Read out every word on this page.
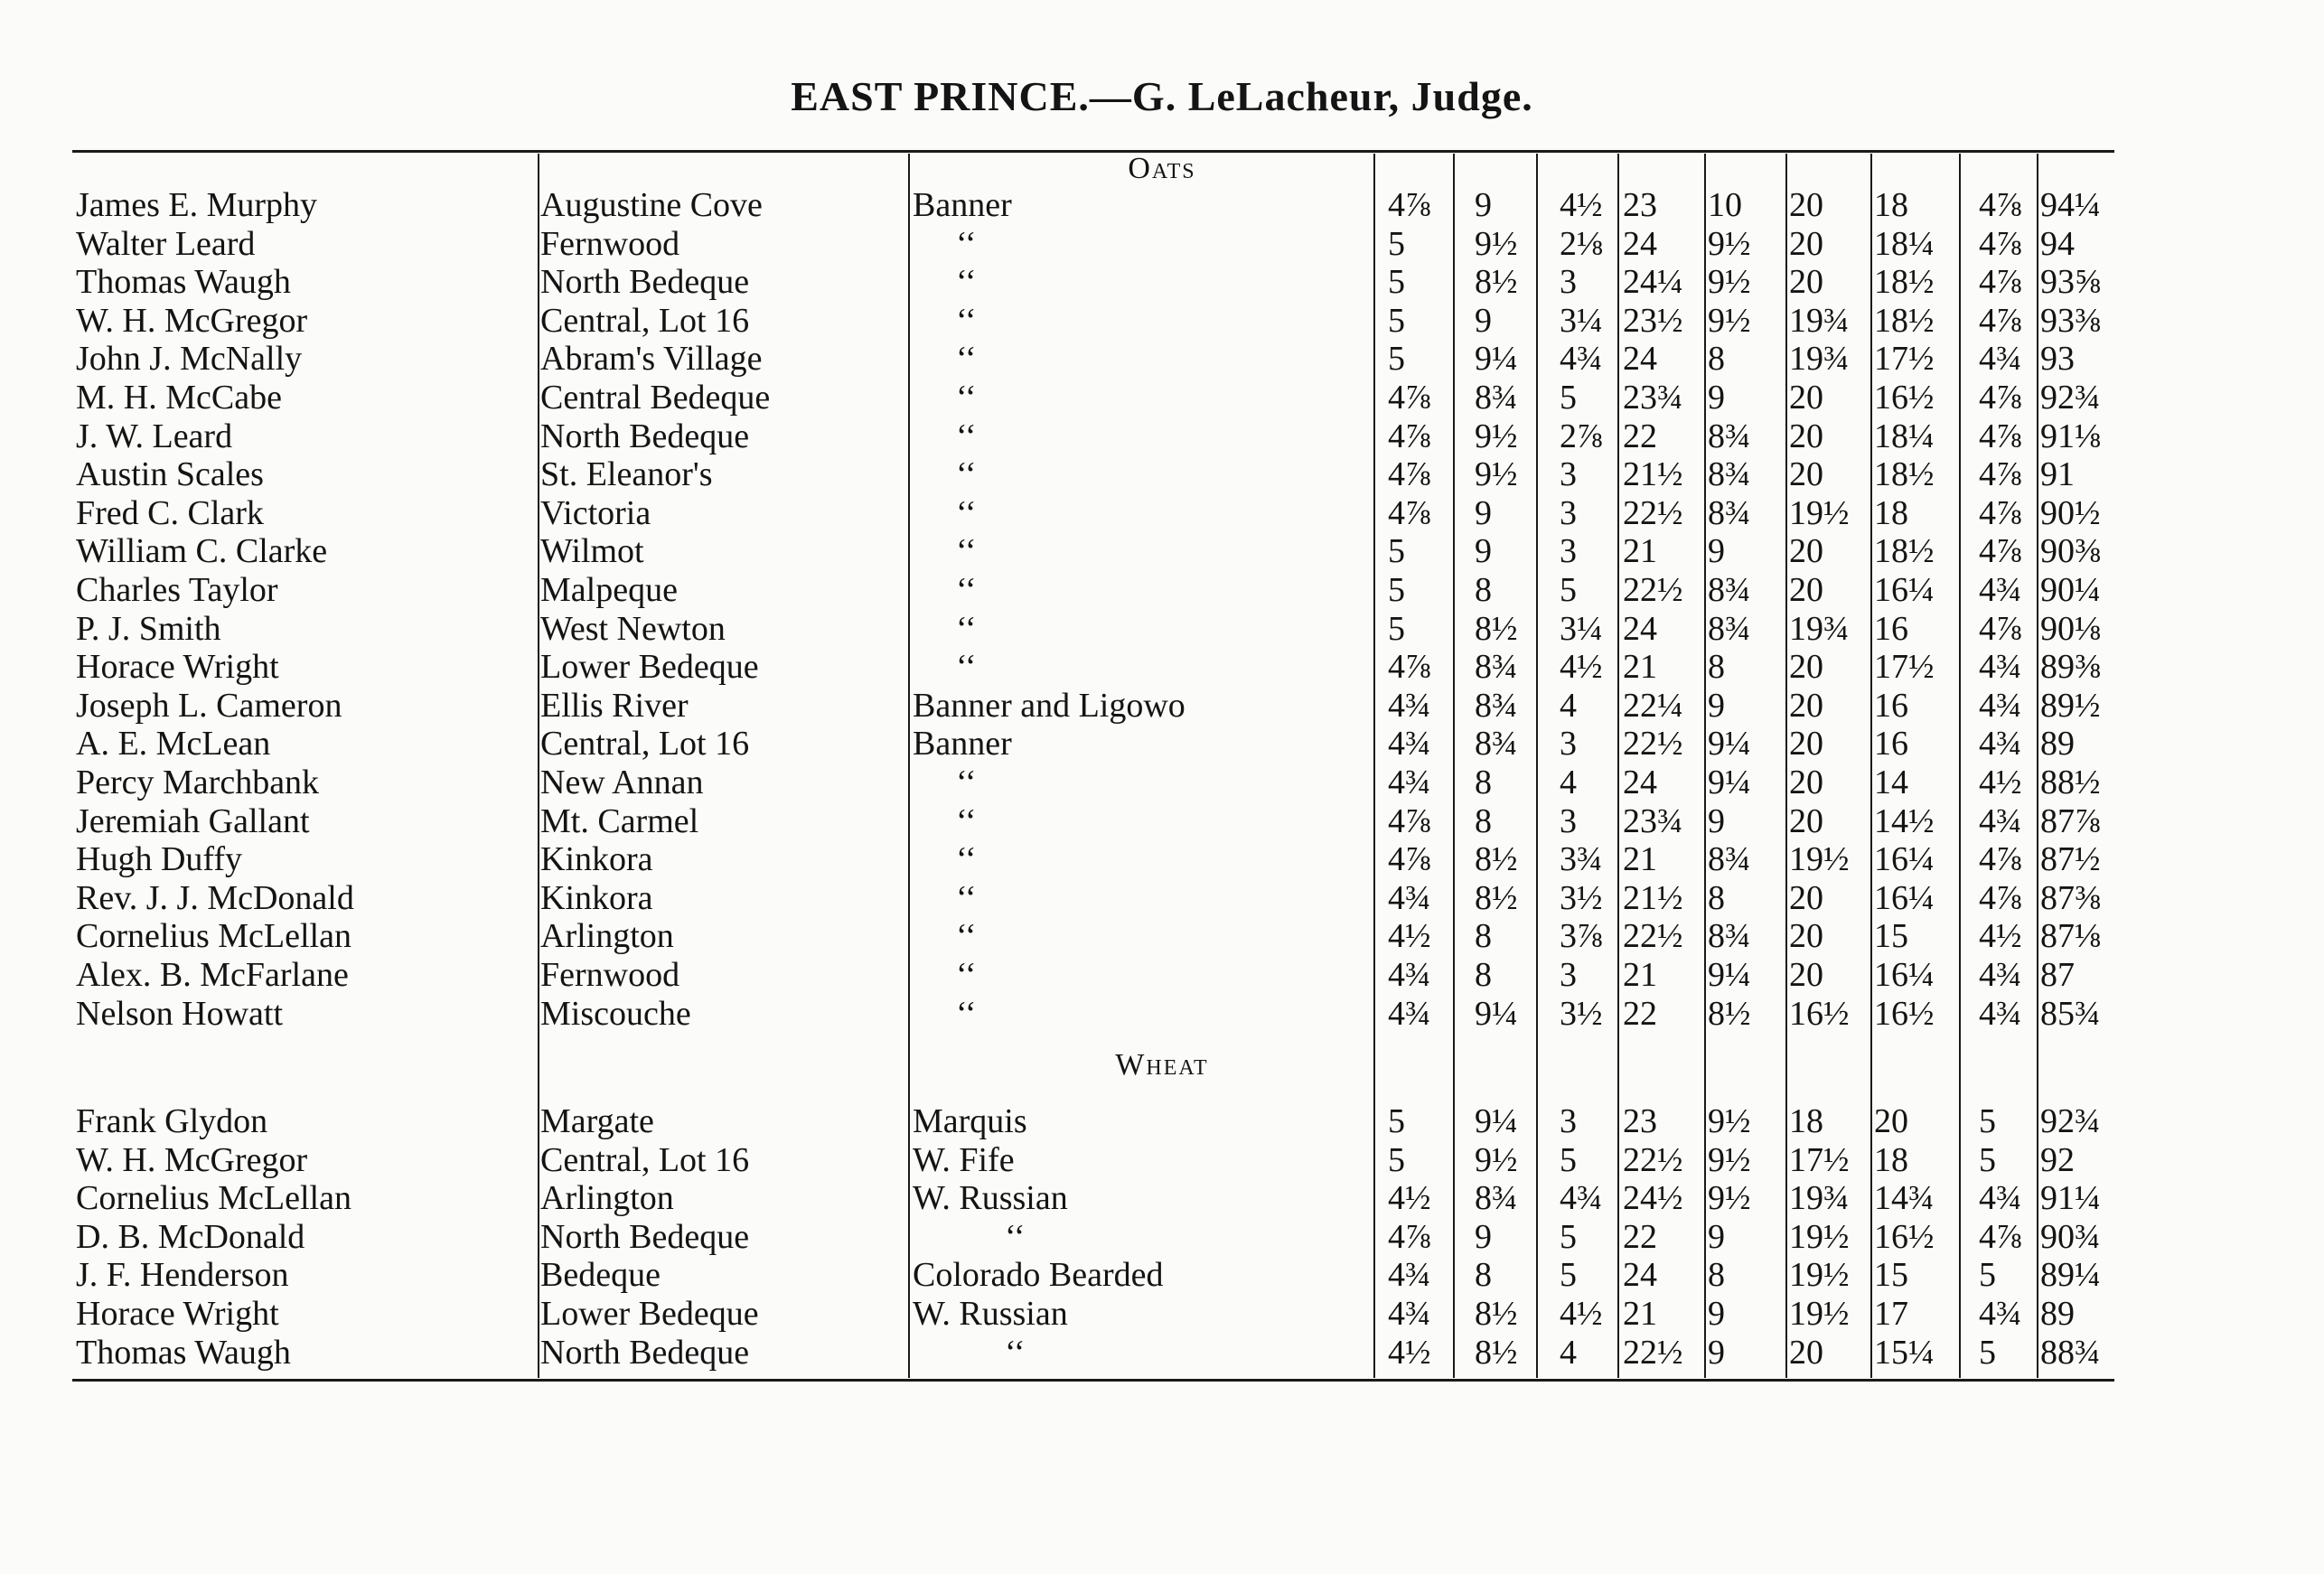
EAST PRINCE.—G. LeLacheur, Judge.
Oats
James E. Murphy	Augustine Cove	Banner	4⅞ 9 4½ 23 10 20 18 4⅞ 94¼
Walter Leard	Fernwood	‘‘	5 9½ 2⅛ 24 9½ 20 18¼ 4⅞ 94
Thomas Waugh	North Bedeque	‘‘	5 8½ 3 24¼ 9½ 20 18½ 4⅞ 93⅝
W. H. McGregor	Central, Lot 16	‘‘	5 9 3¼ 23½ 9½ 19¾ 18½ 4⅞ 93⅜
John J. McNally	Abram's Village	‘‘	5 9¼ 4¾ 24 8 19¾ 17½ 4¾ 93
M. H. McCabe	Central Bedeque	‘‘	4⅞ 8¾ 5 23¾ 9 20 16½ 4⅞ 92¾
J. W. Leard	North Bedeque	‘‘	4⅞ 9½ 2⅞ 22 8¾ 20 18¼ 4⅞ 91⅛
Austin Scales	St. Eleanor's	‘‘	4⅞ 9½ 3 21½ 8¾ 20 18½ 4⅞ 91
Fred C. Clark	Victoria	‘‘	4⅞ 9 3 22½ 8¾ 19½ 18 4⅞ 90½
William C. Clarke	Wilmot	‘‘	5 9 3 21 9 20 18½ 4⅞ 90⅜
Charles Taylor	Malpeque	‘‘	5 8 5 22½ 8¾ 20 16¼ 4¾ 90¼
P. J. Smith	West Newton	‘‘	5 8½ 3¼ 24 8¾ 19¾ 16 4⅞ 90⅛
Horace Wright	Lower Bedeque	‘‘	4⅞ 8¾ 4½ 21 8 20 17½ 4¾ 89⅜
Joseph L. Cameron	Ellis River	Banner and Ligowo	4¾ 8¾ 4 22¼ 9 20 16 4¾ 89½
A. E. McLean	Central, Lot 16	Banner	4¾ 8¾ 3 22½ 9¼ 20 16 4¾ 89
Percy Marchbank	New Annan	‘‘	4¾ 8 4 24 9¼ 20 14 4½ 88½
Jeremiah Gallant	Mt. Carmel	‘‘	4⅞ 8 3 23¾ 9 20 14½ 4¾ 87⅞
Hugh Duffy	Kinkora	‘‘	4⅞ 8½ 3¾ 21 8¾ 19½ 16¼ 4⅞ 87½
Rev. J. J. McDonald	Kinkora	‘‘	4¾ 8½ 3½ 21½ 8 20 16¼ 4⅞ 87⅜
Cornelius McLellan	Arlington	‘‘	4½ 8 3⅞ 22½ 8¾ 20 15 4½ 87⅛
Alex. B. McFarlane	Fernwood	‘‘	4¾ 8 3 21 9¼ 20 16¼ 4¾ 87
Nelson Howatt	Miscouche	‘‘	4¾ 9¼ 3½ 22 8½ 16½ 16½ 4¾ 85¾
Wheat
Frank Glydon	Margate	Marquis	5 9¼ 3 23 9½ 18 20 5 92¾
W. H. McGregor	Central, Lot 16	W. Fife	5 9½ 5 22½ 9½ 17½ 18 5 92
Cornelius McLellan	Arlington	W. Russian	4½ 8¾ 4¾ 24½ 9½ 19¾ 14¾ 4¾ 91¼
D. B. McDonald	North Bedeque	‘‘	4⅞ 9 5 22 9 19½ 16½ 4⅞ 90¾
J. F. Henderson	Bedeque	Colorado Bearded	4¾ 8 5 24 8 19½ 15 5 89¼
Horace Wright	Lower Bedeque	W. Russian	4¾ 8½ 4½ 21 9 19½ 17 4¾ 89
Thomas Waugh	North Bedeque	‘‘	4½ 8½ 4 22½ 9 20 15¼ 5 88¾
